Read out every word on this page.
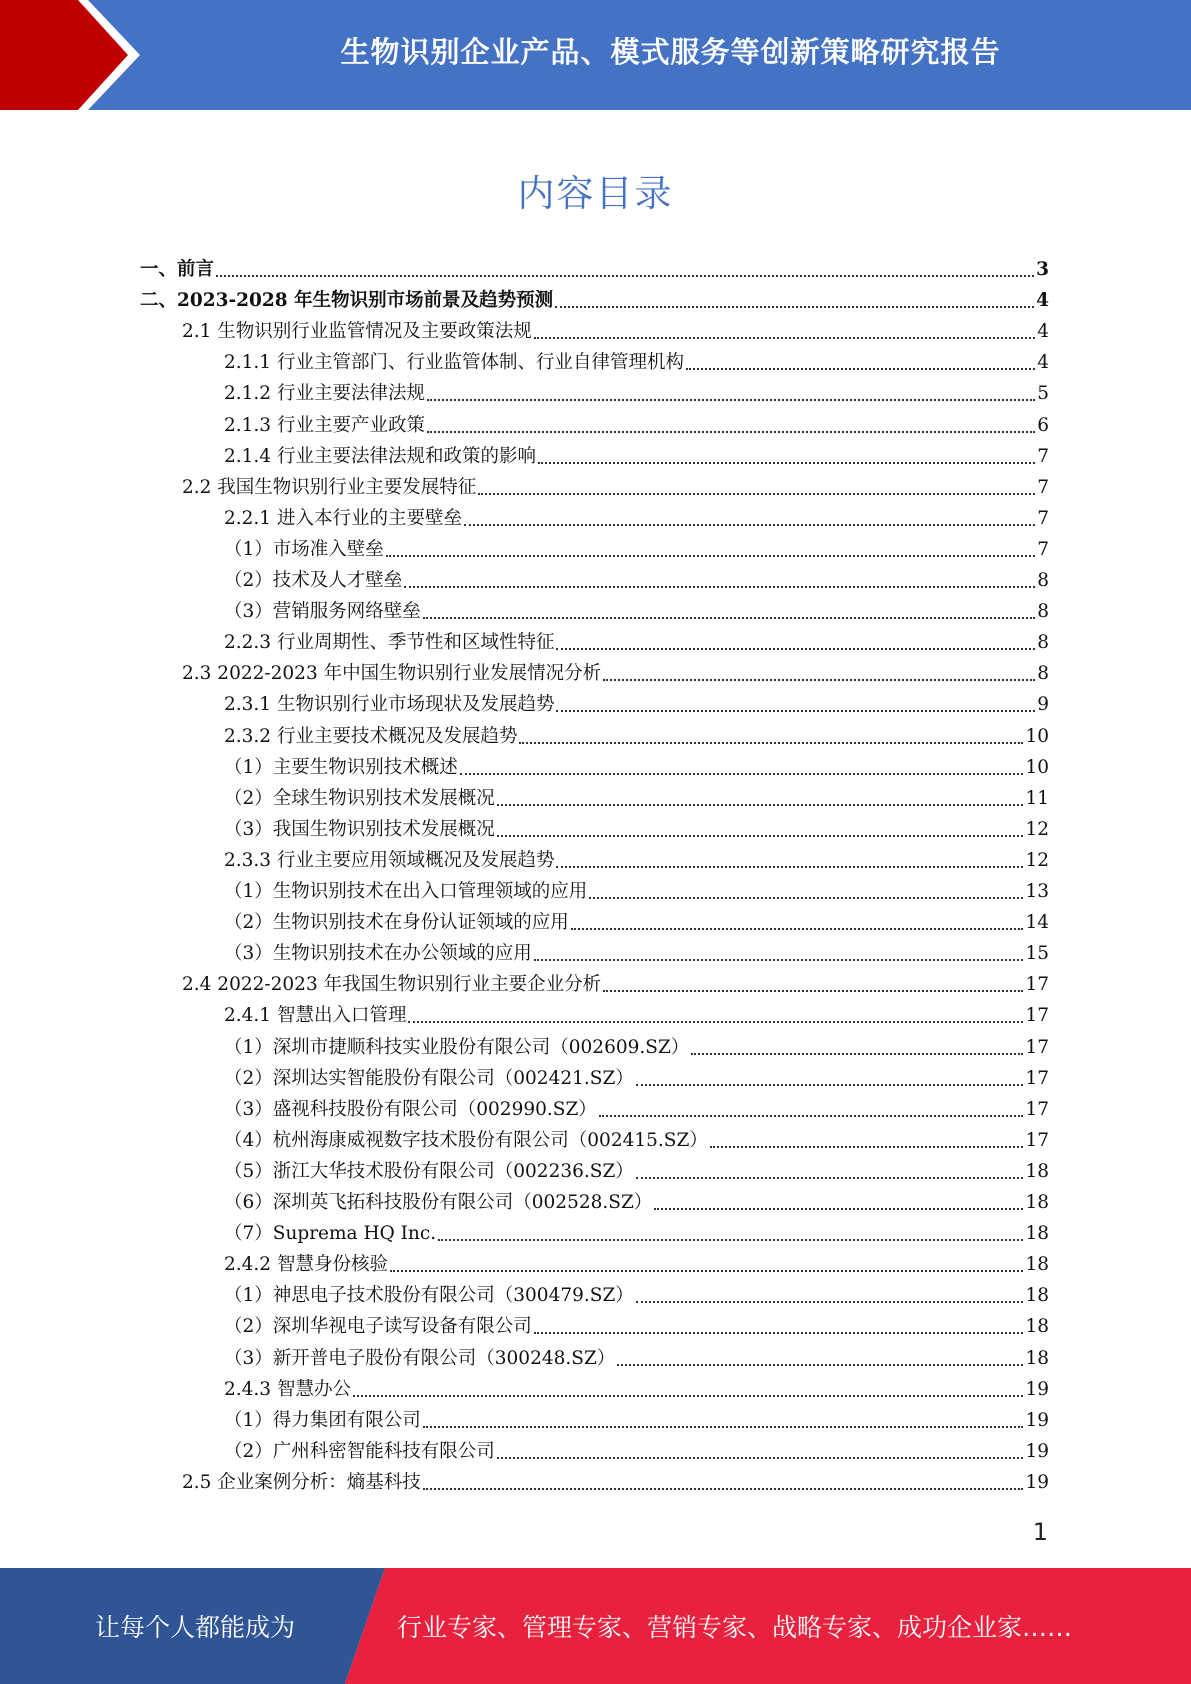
生物识别企业产品、模式服务等创新策略研究报告
内容目录
一、前言	3
二、2023-2028 年生物识别市场前景及趋势预测	4
2.1 生物识别行业监管情况及主要政策法规	4
2.1.1 行业主管部门、行业监管体制、行业自律管理机构	4
2.1.2 行业主要法律法规	5
2.1.3 行业主要产业政策	6
2.1.4 行业主要法律法规和政策的影响	7
2.2 我国生物识别行业主要发展特征	7
2.2.1 进入本行业的主要壁垒	7
（1）市场准入壁垒	7
（2）技术及人才壁垒	8
（3）营销服务网络壁垒	8
2.2.3 行业周期性、季节性和区域性特征	8
2.3 2022-2023 年中国生物识别行业发展情况分析	8
2.3.1 生物识别行业市场现状及发展趋势	9
2.3.2 行业主要技术概况及发展趋势	10
（1）主要生物识别技术概述	10
（2）全球生物识别技术发展概况	11
（3）我国生物识别技术发展概况	12
2.3.3 行业主要应用领域概况及发展趋势	12
（1）生物识别技术在出入口管理领域的应用	13
（2）生物识别技术在身份认证领域的应用	14
（3）生物识别技术在办公领域的应用	15
2.4 2022-2023 年我国生物识别行业主要企业分析	17
2.4.1 智慧出入口管理	17
（1）深圳市捷顺科技实业股份有限公司（002609.SZ）	17
（2）深圳达实智能股份有限公司（002421.SZ）	17
（3）盛视科技股份有限公司（002990.SZ）	17
（4）杭州海康威视数字技术股份有限公司（002415.SZ）	17
（5）浙江大华技术股份有限公司（002236.SZ）	18
（6）深圳英飞拓科技股份有限公司（002528.SZ）	18
（7）Suprema HQ Inc.	18
2.4.2 智慧身份核验	18
（1）神思电子技术股份有限公司（300479.SZ）	18
（2）深圳华视电子读写设备有限公司	18
（3）新开普电子股份有限公司（300248.SZ）	18
2.4.3 智慧办公	19
（1）得力集团有限公司	19
（2）广州科密智能科技有限公司	19
2.5 企业案例分析：熵基科技	19
1
让每个人都能成为	行业专家、管理专家、营销专家、战略专家、成功企业家……
